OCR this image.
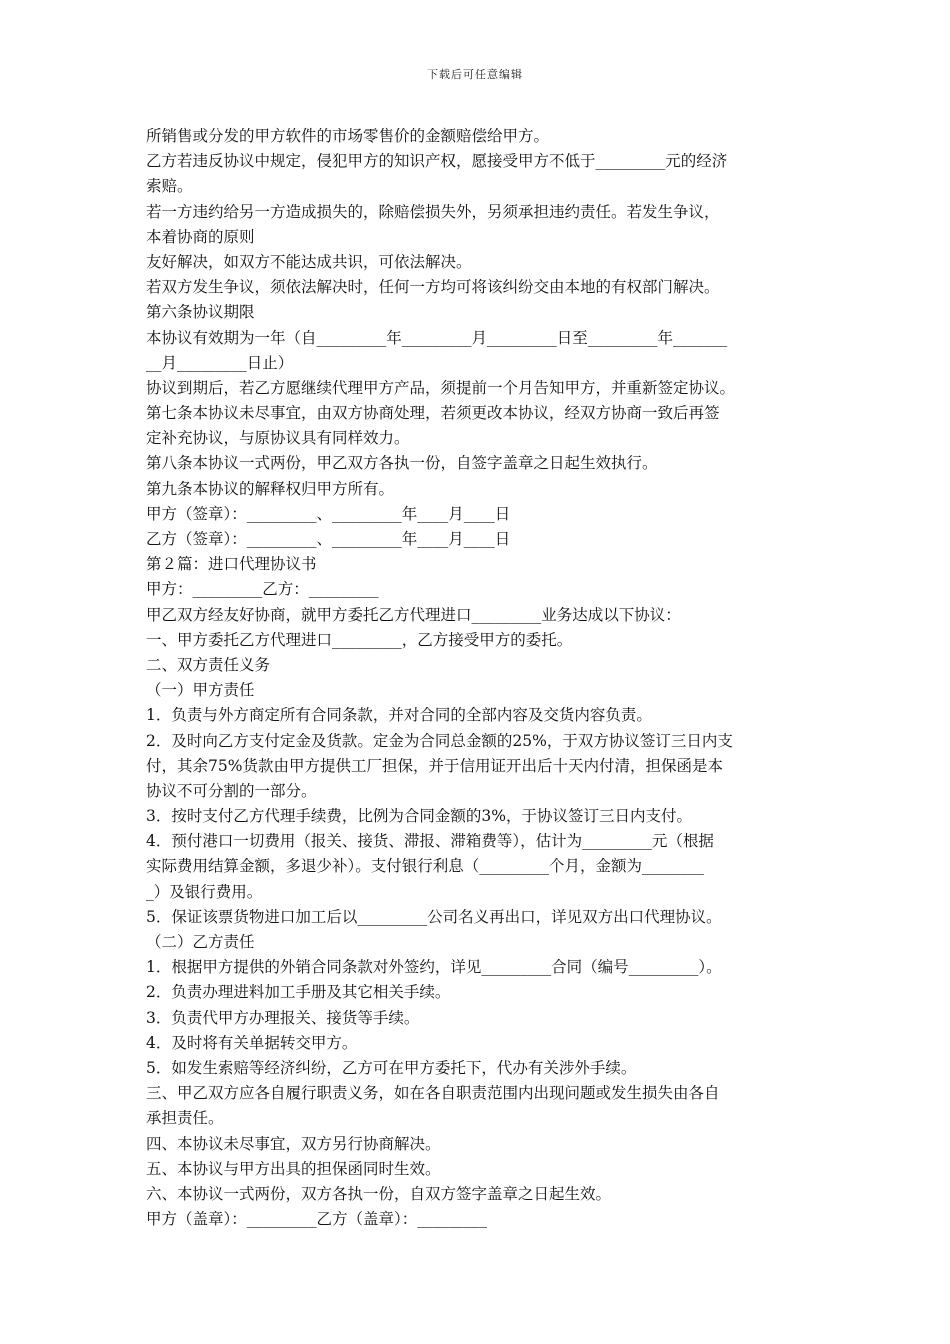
下载后可任意编辑
所销售或分发的甲方软件的市场零售价的金额赔偿给甲方。
乙方若违反协议中规定，侵犯甲方的知识产权，愿接受甲方不低于_________元的经济
索赔。
若一方违约给另一方造成损失的，除赔偿损失外，另须承担违约责任。若发生争议，
本着协商的原则
友好解决，如双方不能达成共识，可依法解决。
若双方发生争议，须依法解决时，任何一方均可将该纠纷交由本地的有权部门解决。
第六条协议期限
本协议有效期为一年（自_________年_________月_________日至_________年_______
__月_________日止）
协议到期后，若乙方愿继续代理甲方产品，须提前一个月告知甲方，并重新签定协议。
第七条本协议未尽事宜，由双方协商处理，若须更改本协议，经双方协商一致后再签
定补充协议，与原协议具有同样效力。
第八条本协议一式两份，甲乙双方各执一份，自签字盖章之日起生效执行。
第九条本协议的解释权归甲方所有。
甲方（签章）：_________、_________年____月____日
乙方（签章）：_________、_________年____月____日
第２篇：进口代理协议书
甲方：_________乙方：_________
甲乙双方经友好协商，就甲方委托乙方代理进口_________业务达成以下协议：
一、甲方委托乙方代理进口_________，乙方接受甲方的委托。
二、双方责任义务
（一）甲方责任
1．负责与外方商定所有合同条款，并对合同的全部内容及交货内容负责。
2．及时向乙方支付定金及货款。定金为合同总金额的25%，于双方协议签订三日内支
付，其余75%货款由甲方提供工厂担保，并于信用证开出后十天内付清，担保函是本
协议不可分割的一部分。
3．按时支付乙方代理手续费，比例为合同金额的3%，于协议签订三日内支付。
4．预付港口一切费用（报关、接货、滞报、滞箱费等），估计为_________元（根据
实际费用结算金额，多退少补）。支付银行利息（_________个月，金额为________
_）及银行费用。
5．保证该票货物进口加工后以_________公司名义再出口，详见双方出口代理协议。
（二）乙方责任
1．根据甲方提供的外销合同条款对外签约，详见_________合同（编号_________）。
2．负责办理进料加工手册及其它相关手续。
3．负责代甲方办理报关、接货等手续。
4．及时将有关单据转交甲方。
5．如发生索赔等经济纠纷，乙方可在甲方委托下，代办有关涉外手续。
三、甲乙双方应各自履行职责义务，如在各自职责范围内出现问题或发生损失由各自
承担责任。
四、本协议未尽事宜，双方另行协商解决。
五、本协议与甲方出具的担保函同时生效。
六、本协议一式两份，双方各执一份，自双方签字盖章之日起生效。
甲方（盖章）：_________乙方（盖章）：_________
